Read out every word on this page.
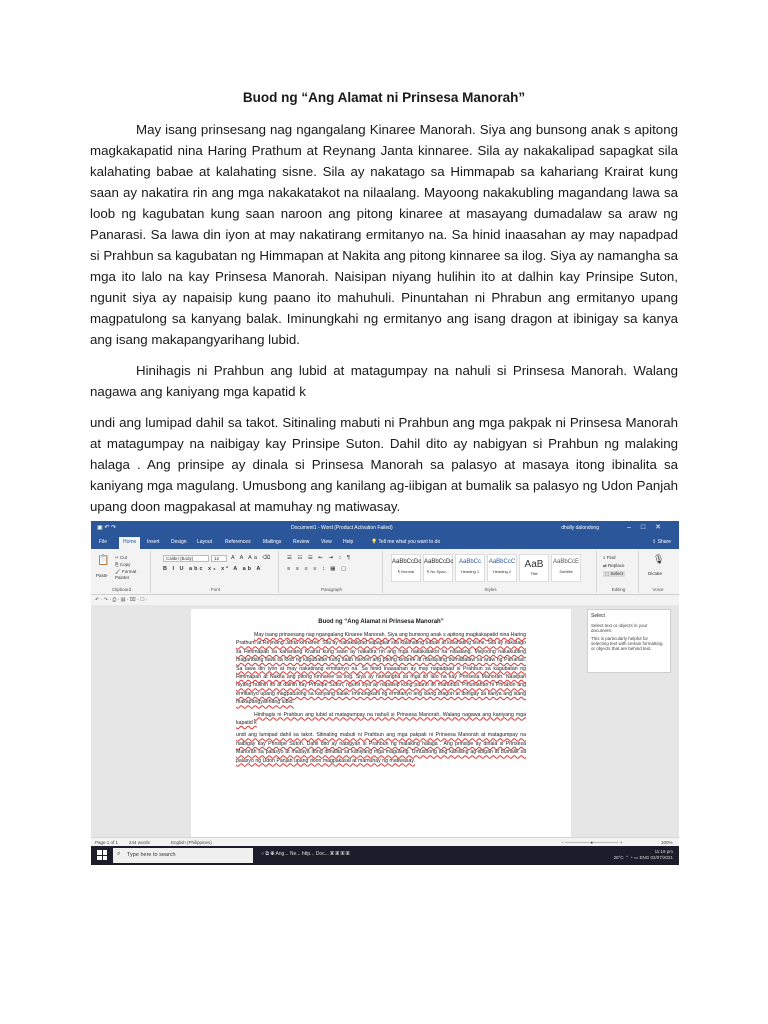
Buod ng “Ang Alamat ni Prinsesa Manorah”

May isang prinsesang nag ngangalang Kinaree Manorah. Siya ang bunsong anak s apitong magkakapatid nina Haring Prathum at Reynang Janta kinnaree. Sila ay nakakalipad sapagkat sila kalahating babae at kalahating sisne. Sila ay nakatago sa Himmapab sa kahariang Krairat kung saan ay nakatira rin ang mga nakakatakot na nilaalang. Mayoong nakakubling magandang lawa sa loob ng kagubatan kung saan naroon ang pitong kinaree at masayang dumadalaw sa araw ng Panarasi. Sa lawa din iyon at may nakatirang ermitanyo na. Sa hinid inaasahan ay may napadpad si Prahbun sa kagubatan ng Himmapan at Nakita ang pitong kinnaree sa ilog. Siya ay namangha sa mga ito lalo na kay Prinsesa Manorah. Naisipan niyang hulihin ito at dalhin kay Prinsipe Suton, ngunit siya ay napaisip kung paano ito mahuhuli. Pinuntahan ni Phrabun ang ermitanyo upang magpatulong sa kanyang balak. Iminungkahi ng ermitanyo ang isang dragon at ibinigay sa kanya ang isang makapangyarihang lubid.

Hinihagis ni Prahbun ang lubid at matagumpay na nahuli si Prinsesa Manorah. Walang nagawa ang kaniyang mga kapatid k

undi ang lumipad dahil sa takot. Sitinaling mabuti ni Prahbun ang mga pakpak ni Prinsesa Manorah at matagumpay na naibigay kay Prinsipe Suton. Dahil dito ay nabigyan si Prahbun ng malaking halaga . Ang prinsipe ay dinala si Prinsesa Manorah sa palasyo at masaya itong ibinalita sa kaniyang mga magulang. Umusbong ang kanilang ag-iibigan at bumalik sa palasyo ng Udon Panjah upang doon magpakasal at mamuhay ng matiwasay.

▣ ↶ ↷	Document1 - Word (Product Activation Failed)	dholly dalondong	–□✕
File	Home	Insert Design Layout	References Mailings Review View Help	💡 Tell me what you want to do	⇪ Share
📋
Paste
✂ Cut
⎘ Copy
🖌 Format Painter
Clipboard
Calibri (Body)	12	A A Aa ⌫
B I U abc x₂ x² A ab A
Font
☰ ☷ ☰ ⇤ ⇥ ↕ ¶
≡ ≡ ≡ ≡ ↕ ▦ ▢
Paragraph
AaBbCcDc
¶ Normal
AaBbCcDc
¶ No Spac...
AaBbCc
Heading 1
AaBbCcC
Heading 2
AaB
Title
AaBbCcE
Subtitle
Styles
⌕ Find
⇄ Replace
⬚ Select
Editing
🎙
Dictate
Voice
↶ · ↷ · ⎙ · ▤ · ⌧ · ☐ ·
Buod ng “Ang Alamat ni Prinsesa Manorah”

May isang prinsesang nag ngangalang Kinaree Manorah. Siya ang bunsong anak s apitong magkakapatid nina Haring Prathum at Reynang Janta kinnaree. Sila ay nakakalipad sapagkat sila kalahating babae at kalahating sisne. Sila ay nakatago sa Himmapab sa kahariang Krairat kung saan ay nakatira rin ang mga nakakatakot na nilaalang. Mayoong nakakubling magandang lawa sa loob ng kagubatan kung saan naroon ang pitong kinaree at masayang dumadalaw sa araw ng Panarasi. Sa lawa din iyon at may nakatirang ermitanyo na. Sa hinid inaasahan ay may napadpad si Prahbun sa kagubatan ng Himmapan at Nakita ang pitong kinnaree sa ilog. Siya ay namangha sa mga ito lalo na kay Prinsesa Manorah. Naisipan niyang hulihin ito at dalhin kay Prinsipe Suton, ngunit siya ay napaisip kung paano ito mahuhuli. Pinuntahan ni Phrabun ang ermitanyo upang magpatulong sa kanyang balak. Iminungkahi ng ermitanyo ang isang dragon at ibinigay sa kanya ang isang makapangyarihang lubid.

Hinihagis ni Prahbun ang lubid at matagumpay na nahuli si Prinsesa Manorah. Walang nagawa ang kaniyang mga kapatid k

undi ang lumipad dahil sa takot. Sitinaling mabuti ni Prahbun ang mga pakpak ni Prinsesa Manorah at matagumpay na naibigay kay Prinsipe Suton. Dahil dito ay nabigyan si Prahbun ng malaking halaga . Ang prinsipe ay dinala si Prinsesa Manorah sa palasyo at masaya itong ibinalita sa kaniyang mga magulang. Umusbong ang kanilang ag-iibigan at bumalik sa palasyo ng Udon Panjah upang doon magpakasal at mamuhay ng matiwasay.

Select
Select text or objects in your document.
This is particularly helpful for selecting text with certain formatting or objects that are behind text.
Page 1 of 1 244 words	English (Philippines)	− ────────●──────── +	100%
⌕ Type here to search	○ ⧉ ◉ Ang... Ne... http... Doc... ▣ ▣ ▣ ▣
28°C ⌃ ◔ ▭ ENG 11:19 pm
02/07/2021
